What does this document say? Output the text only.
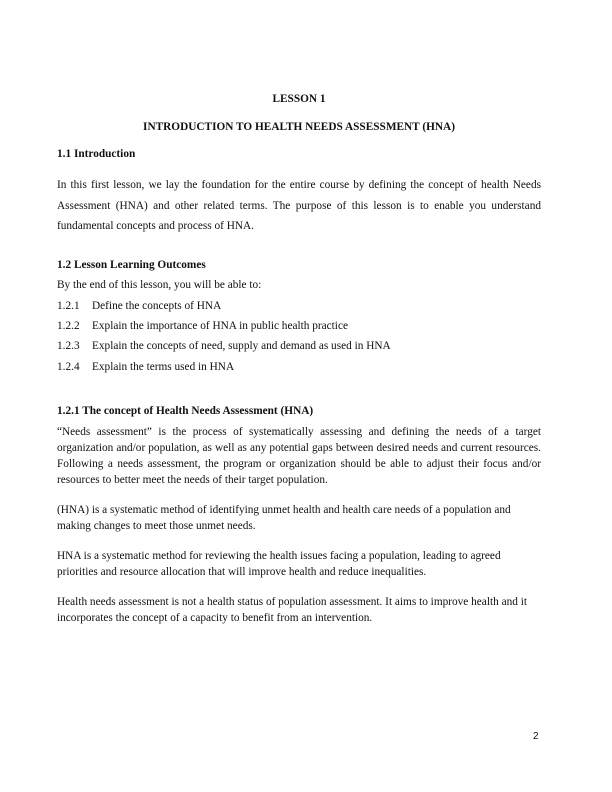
LESSON 1
INTRODUCTION TO HEALTH NEEDS ASSESSMENT (HNA)
1.1 Introduction

In this first lesson, we lay the foundation for the entire course by defining the concept of health Needs Assessment (HNA) and other related terms. The purpose of this lesson is to enable you understand fundamental concepts and process of HNA.

1.2 Lesson Learning Outcomes
By the end of this lesson, you will be able to:
1.2.1 Define the concepts of HNA
1.2.2 Explain the importance of HNA in public health practice
1.2.3 Explain the concepts of need, supply and demand as used in HNA
1.2.4 Explain the terms used in HNA
1.2.1 The concept of Health Needs Assessment (HNA)

“Needs assessment” is the process of systematically assessing and defining the needs of a target organization and/or population, as well as any potential gaps between desired needs and current resources. Following a needs assessment, the program or organization should be able to adjust their focus and/or resources to better meet the needs of their target population.

(HNA) is a systematic method of identifying unmet health and health care needs of a population and making changes to meet those unmet needs.

HNA is a systematic method for reviewing the health issues facing a population, leading to agreed priorities and resource allocation that will improve health and reduce inequalities.

Health needs assessment is not a health status of population assessment. It aims to improve health and it incorporates the concept of a capacity to benefit from an intervention.

2
